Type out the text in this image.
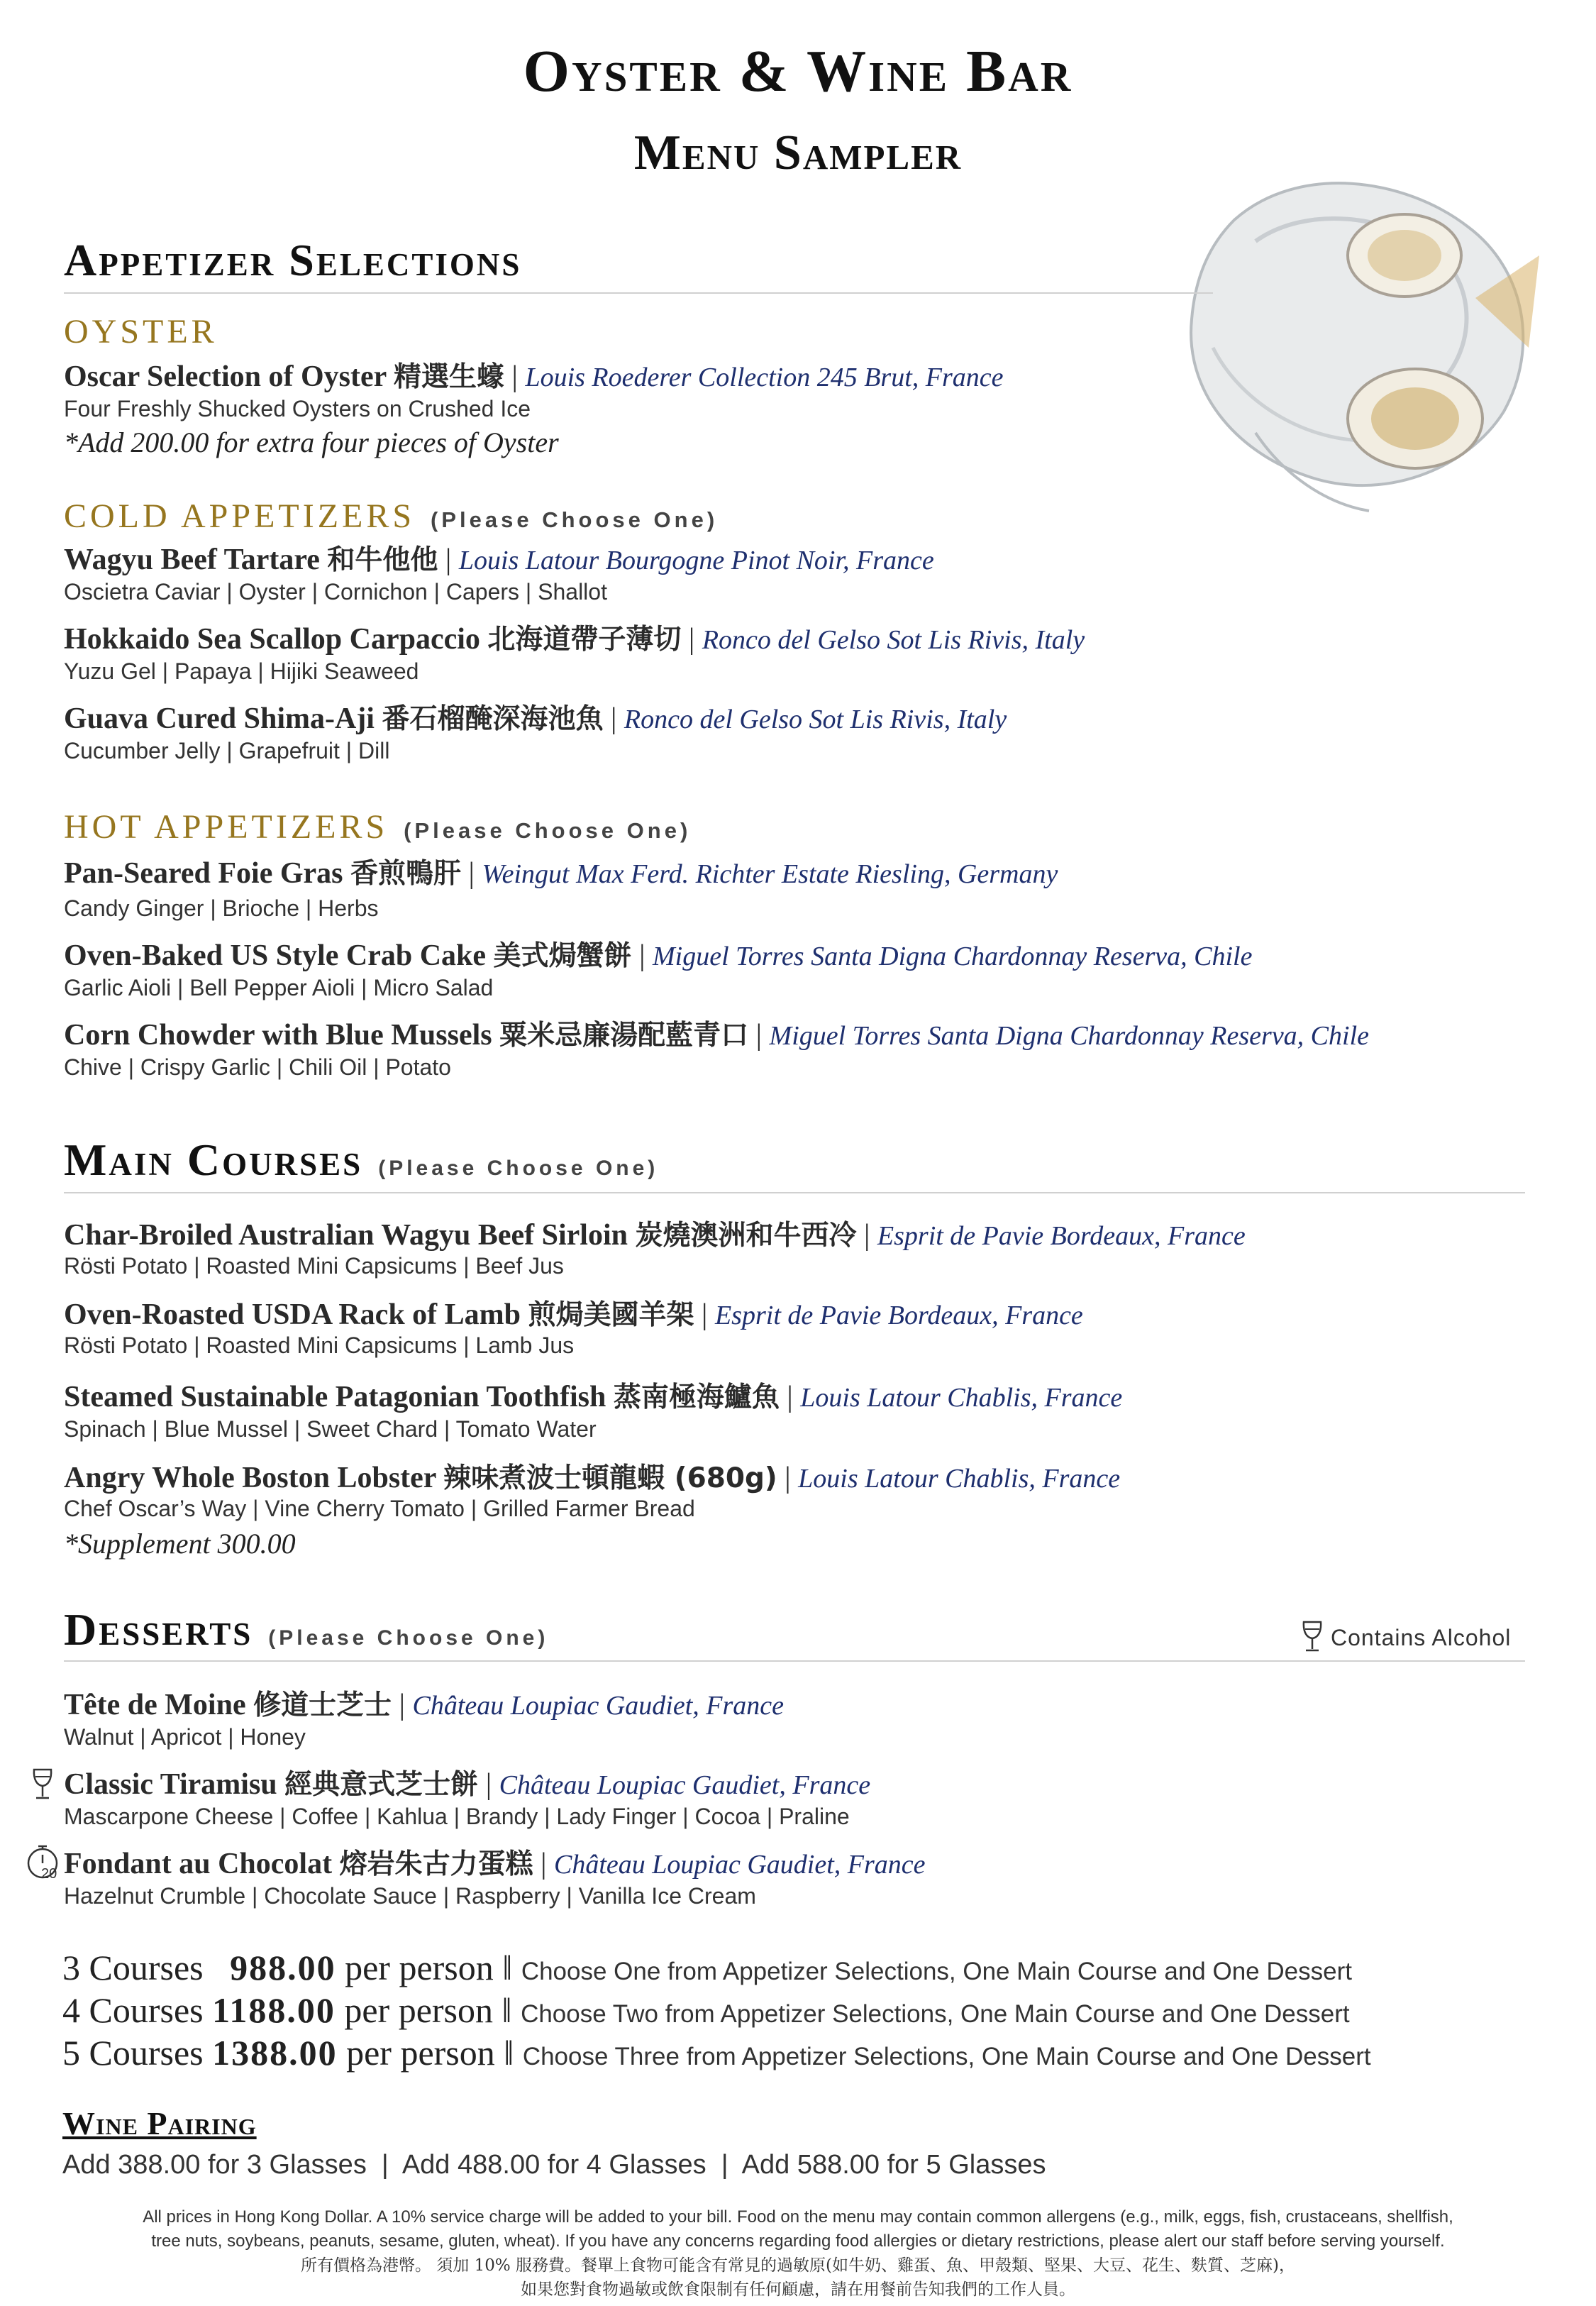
Oyster & Wine Bar
Menu Sampler
Appetizer Selections
OYSTER
Oscar Selection of Oyster 精選生蠔 | Louis Roederer Collection 245 Brut, France
Four Freshly Shucked Oysters on Crushed Ice
*Add 200.00 for extra four pieces of Oyster
COLD APPETIZERS (Please Choose One)
Wagyu Beef Tartare 和牛他他 | Louis Latour Bourgogne Pinot Noir, France
Oscietra Caviar | Oyster | Cornichon | Capers | Shallot
Hokkaido Sea Scallop Carpaccio 北海道帶子薄切 | Ronco del Gelso Sot Lis Rivis, Italy
Yuzu Gel | Papaya | Hijiki Seaweed
Guava Cured Shima-Aji 番石榴醃深海池魚 | Ronco del Gelso Sot Lis Rivis, Italy
Cucumber Jelly | Grapefruit | Dill
HOT APPETIZERS (Please Choose One)
Pan-Seared Foie Gras 香煎鴨肝 | Weingut Max Ferd. Richter Estate Riesling, Germany
Candy Ginger | Brioche | Herbs
Oven-Baked US Style Crab Cake 美式焗蟹餅 | Miguel Torres Santa Digna Chardonnay Reserva, Chile
Garlic Aioli | Bell Pepper Aioli | Micro Salad
Corn Chowder with Blue Mussels 粟米忌廉湯配藍青口 | Miguel Torres Santa Digna Chardonnay Reserva, Chile
Chive | Crispy Garlic | Chili Oil | Potato
Main Courses (Please Choose One)
Char-Broiled Australian Wagyu Beef Sirloin 炭燒澳洲和牛西冷 | Esprit de Pavie Bordeaux, France
Rösti Potato | Roasted Mini Capsicums | Beef Jus
Oven-Roasted USDA Rack of Lamb 煎焗美國羊架 | Esprit de Pavie Bordeaux, France
Rösti Potato | Roasted Mini Capsicums | Lamb Jus
Steamed Sustainable Patagonian Toothfish 蒸南極海鱸魚 | Louis Latour Chablis, France
Spinach | Blue Mussel | Sweet Chard | Tomato Water
Angry Whole Boston Lobster 辣味煮波士頓龍蝦 (680g) | Louis Latour Chablis, France
Chef Oscar’s Way | Vine Cherry Tomato | Grilled Farmer Bread
*Supplement 300.00
Desserts (Please Choose One)	Contains Alcohol
Tête de Moine 修道士芝士 | Château Loupiac Gaudiet, France
Walnut | Apricot | Honey
Classic Tiramisu 經典意式芝士餅 | Château Loupiac Gaudiet, France
Mascarpone Cheese | Coffee | Kahlua | Brandy | Lady Finger | Cocoa | Praline
20 Fondant au Chocolat 熔岩朱古力蛋糕 | Château Loupiac Gaudiet, France
Hazelnut Crumble | Chocolate Sauce | Raspberry | Vanilla Ice Cream
3 Courses 988.00 per person ‖ Choose One from Appetizer Selections, One Main Course and One Dessert
4 Courses 1188.00 per person ‖ Choose Two from Appetizer Selections, One Main Course and One Dessert
5 Courses 1388.00 per person ‖ Choose Three from Appetizer Selections, One Main Course and One Dessert
Wine Pairing
Add 388.00 for 3 Glasses  |  Add 488.00 for 4 Glasses  |  Add 588.00 for 5 Glasses
All prices in Hong Kong Dollar. A 10% service charge will be added to your bill. Food on the menu may contain common allergens (e.g., milk, eggs, fish, crustaceans, shellfish,
tree nuts, soybeans, peanuts, sesame, gluten, wheat). If you have any concerns regarding food allergies or dietary restrictions, please alert our staff before serving yourself.
所有價格為港幣。 須加 10% 服務費。餐單上食物可能含有常見的過敏原(如牛奶、雞蛋、魚、甲殼類、堅果、大豆、花生、麩質、芝麻)，
如果您對食物過敏或飲食限制有任何顧慮，請在用餐前告知我們的工作人員。
